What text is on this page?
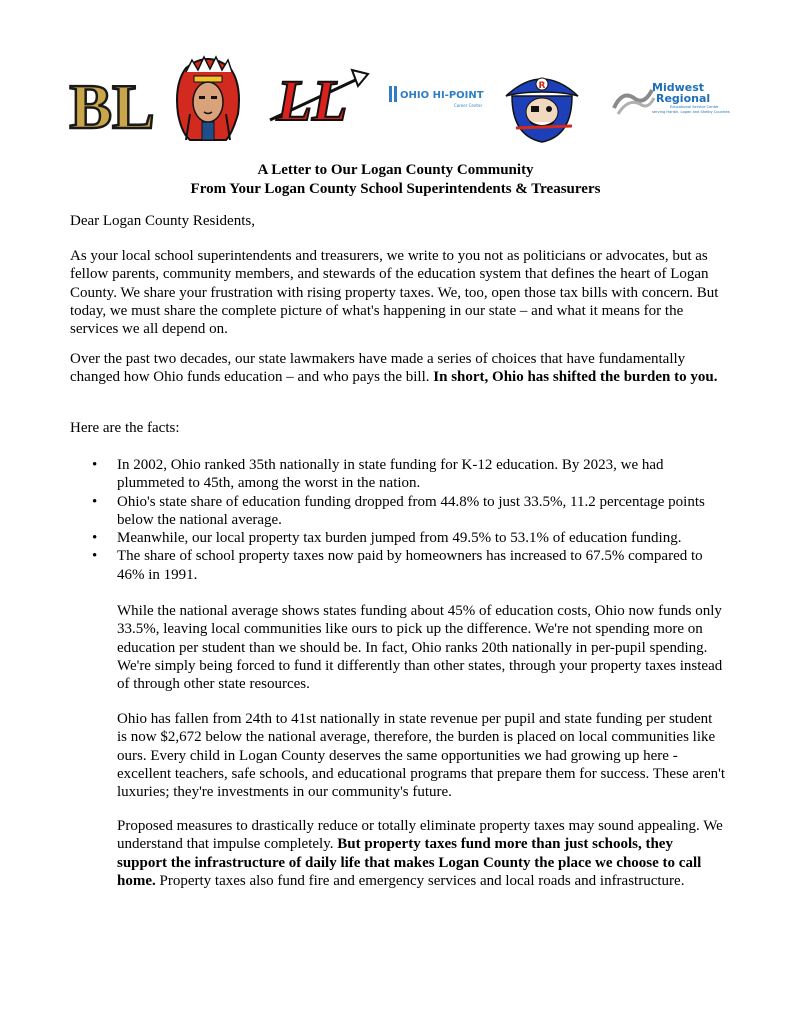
BL LL	OHIO HI-POINT
Career Center
R	Midwest
Regional
Educational Service Center
serving Hardin, Logan and Shelby Counties
A Letter to Our Logan County Community
From Your Logan County School Superintendents & Treasurers
Dear Logan County Residents,
As your local school superintendents and treasurers, we write to you not as politicians or advocates, but as fellow parents, community members, and stewards of the education system that defines the heart of Logan County. We share your frustration with rising property taxes. We, too, open those tax bills with concern. But today, we must share the complete picture of what's happening in our state – and what it means for the services we all depend on.
Over the past two decades, our state lawmakers have made a series of choices that have fundamentally changed how Ohio funds education – and who pays the bill. In short, Ohio has shifted the burden to you.
Here are the facts:
• In 2002, Ohio ranked 35th nationally in state funding for K-12 education. By 2023, we had plummeted to 45th, among the worst in the nation.
• Ohio's state share of education funding dropped from 44.8% to just 33.5%, 11.2 percentage points below the national average.
• Meanwhile, our local property tax burden jumped from 49.5% to 53.1% of education funding.
• The share of school property taxes now paid by homeowners has increased to 67.5% compared to 46% in 1991.
While the national average shows states funding about 45% of education costs, Ohio now funds only 33.5%, leaving local communities like ours to pick up the difference. We're not spending more on education per student than we should be. In fact, Ohio ranks 20th nationally in per-pupil spending. We're simply being forced to fund it differently than other states, through your property taxes instead of through other state resources.
Ohio has fallen from 24th to 41st nationally in state revenue per pupil and state funding per student is now $2,672 below the national average, therefore, the burden is placed on local communities like ours. Every child in Logan County deserves the same opportunities we had growing up here - excellent teachers, safe schools, and educational programs that prepare them for success. These aren't luxuries; they're investments in our community's future.
Proposed measures to drastically reduce or totally eliminate property taxes may sound appealing. We understand that impulse completely. But property taxes fund more than just schools, they support the infrastructure of daily life that makes Logan County the place we choose to call home. Property taxes also fund fire and emergency services and local roads and infrastructure.
